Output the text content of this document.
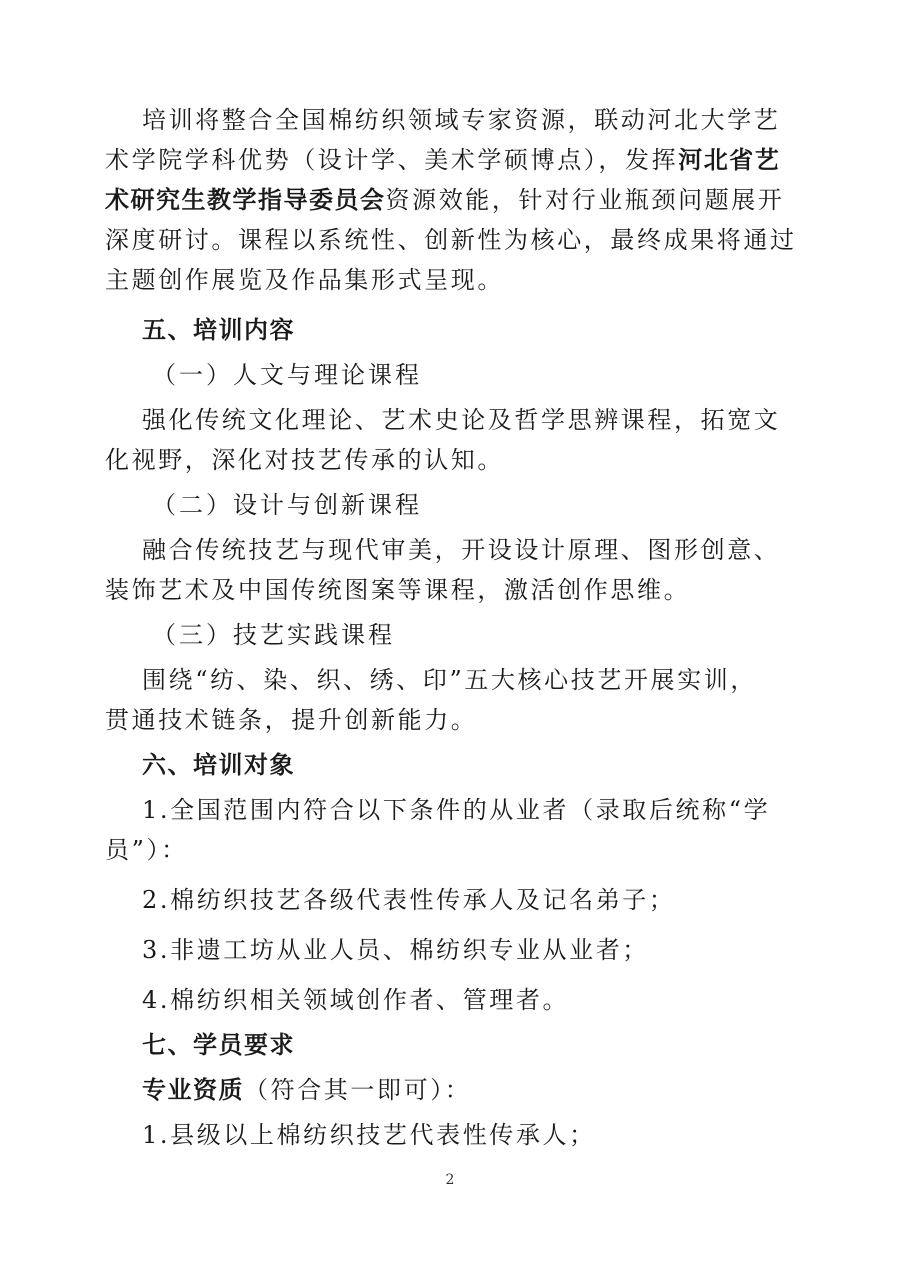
培训将整合全国棉纺织领域专家资源，联动河北大学艺
术学院学科优势（设计学、美术学硕博点），发挥河北省艺
术研究生教学指导委员会资源效能，针对行业瓶颈问题展开
深度研讨。课程以系统性、创新性为核心，最终成果将通过
主题创作展览及作品集形式呈现。
五、培训内容
（一）人文与理论课程
强化传统文化理论、艺术史论及哲学思辨课程，拓宽文
化视野，深化对技艺传承的认知。
（二）设计与创新课程
融合传统技艺与现代审美，开设设计原理、图形创意、
装饰艺术及中国传统图案等课程，激活创作思维。
（三）技艺实践课程
围绕“纺、染、织、绣、印”五大核心技艺开展实训，
贯通技术链条，提升创新能力。
六、培训对象
1.全国范围内符合以下条件的从业者（录取后统称“学
员”）：
2.棉纺织技艺各级代表性传承人及记名弟子；
3.非遗工坊从业人员、棉纺织专业从业者；
4.棉纺织相关领域创作者、管理者。
七、学员要求
专业资质（符合其一即可）：
1.县级以上棉纺织技艺代表性传承人；
2
